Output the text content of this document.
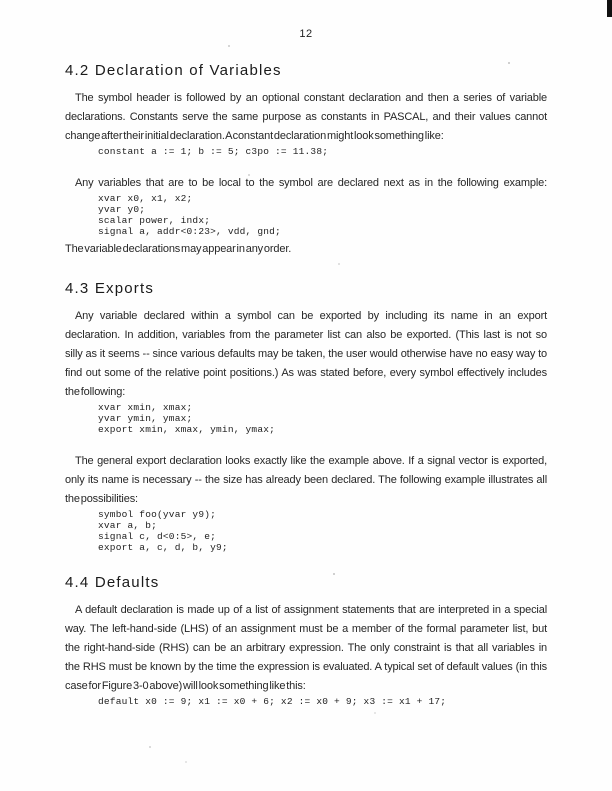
12
4.2 Declaration of Variables
The symbol header is followed by an optional constant declaration and then a series of variable
declarations. Constants serve the same purpose as constants in PASCAL, and their values cannot
change after their initial declaration. A constant declaration might look something like:
constant a := 1; b := 5; c3po := 11.38;
Any variables that are to be local to the symbol are declared next as in the following example:
xvar x0, x1, x2;
yvar y0;
scalar power, indx;
signal a, addr<0:23>, vdd, gnd;
The variable declarations may appear in any order.
4.3 Exports
Any variable declared within a symbol can be exported by including its name in an export
declaration. In addition, variables from the parameter list can also be exported. (This last is not so
silly as it seems -- since various defaults may be taken, the user would otherwise have no easy way to
find out some of the relative point positions.) As was stated before, every symbol effectively includes
the following:
xvar xmin, xmax;
yvar ymin, ymax;
export xmin, xmax, ymin, ymax;
The general export declaration looks exactly like the example above. If a signal vector is exported,
only its name is necessary -- the size has already been declared. The following example illustrates all
the possibilities:
symbol foo(yvar y9);
xvar a, b;
signal c, d<0:5>, e;
export a, c, d, b, y9;
4.4 Defaults
A default declaration is made up of a list of assignment statements that are interpreted in a special
way. The left-hand-side (LHS) of an assignment must be a member of the formal parameter list, but
the right-hand-side (RHS) can be an arbitrary expression. The only constraint is that all variables in
the RHS must be known by the time the expression is evaluated. A typical set of default values (in this
case for Figure 3-0 above) will look something like this:
default x0 := 9; x1 := x0 + 6; x2 := x0 + 9; x3 := x1 + 17;
